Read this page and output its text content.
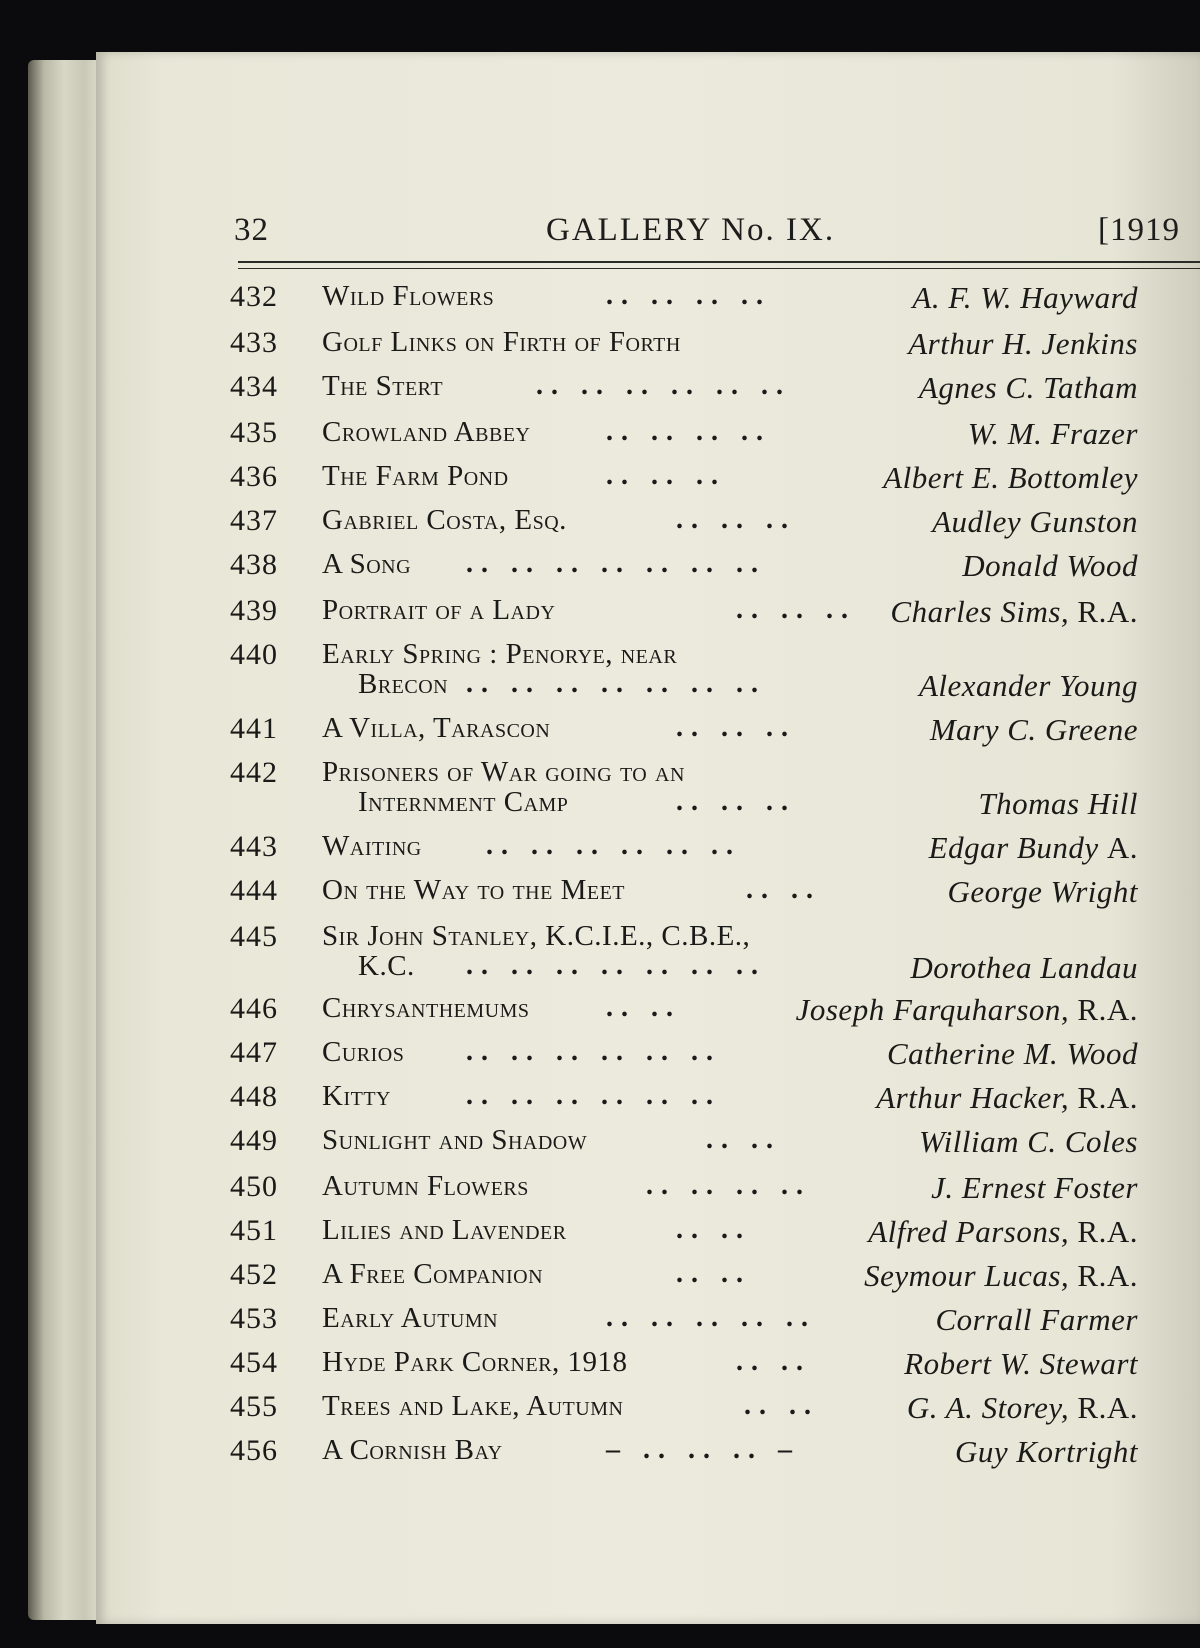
32	GALLERY No. IX.	[1919
432 Wild Flowers	.. .. .. ..	A. F. W. Hayward
433 Golf Links on Firth of Forth	Arthur H. Jenkins
434 The Stert	.. .. .. .. .. ..	Agnes C. Tatham
435 Crowland Abbey	.. .. .. ..	W. M. Frazer
436 The Farm Pond	.. .. ..	Albert E. Bottomley
437 Gabriel Costa, Esq.	.. .. ..	Audley Gunston
438 A Song .. .. .. .. .. .. ..	Donald Wood
439 Portrait of a Lady	.. .. .. Charles Sims, R.A.
440 Early Spring : Penorye, near
Brecon .. .. .. .. .. .. ..	Alexander Young
441 A Villa, Tarascon	.. .. ..	Mary C. Greene
442 Prisoners of War going to an
Internment Camp	.. .. ..	Thomas Hill
443 Waiting .. .. .. .. .. ..	Edgar Bundy A.
444 On the Way to the Meet	.. ..	George Wright
445 Sir John Stanley, K.C.I.E., C.B.E.,
K.C. .. .. .. .. .. .. ..	Dorothea Landau
446 Chrysanthemums	.. ..	Joseph Farquharson, R.A.
447 Curios .. .. .. .. .. ..	Catherine M. Wood
448 Kitty	.. .. .. .. .. ..	Arthur Hacker, R.A.
449 Sunlight and Shadow	.. ..	William C. Coles
450 Autumn Flowers	.. .. .. ..	J. Ernest Foster
451 Lilies and Lavender	.. ..	Alfred Parsons, R.A.
452 A Free Companion	.. ..	Seymour Lucas, R.A.
453 Early Autumn	.. .. .. .. ..	Corrall Farmer
454 Hyde Park Corner, 1918	.. ..	Robert W. Stewart
455 Trees and Lake, Autumn	.. ..	G. A. Storey, R.A.
456 A Cornish Bay	– .. .. .. –	Guy Kortright
